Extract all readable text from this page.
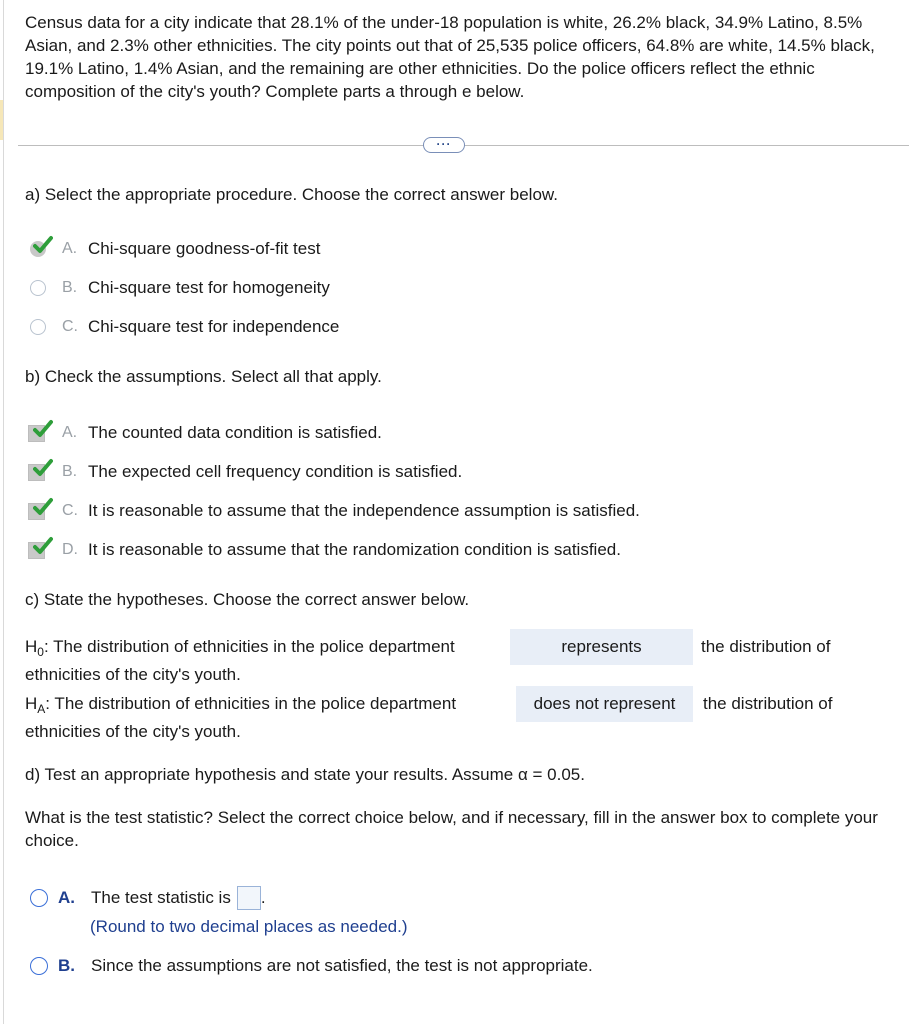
Census data for a city indicate that 28.1% of the under-18 population is white, 26.2% black, 34.9% Latino, 8.5% Asian, and 2.3% other ethnicities. The city points out that of 25,535 police officers, 64.8% are white, 14.5% black, 19.1% Latino, 1.4% Asian, and the remaining are other ethnicities. Do the police officers reflect the ethnic composition of the city's youth? Complete parts a through e below.
···
a) Select the appropriate procedure. Choose the correct answer below.
A. Chi-square goodness-of-fit test
B. Chi-square test for homogeneity
C. Chi-square test for independence
b) Check the assumptions. Select all that apply.
A. The counted data condition is satisfied.
B. The expected cell frequency condition is satisfied.
C. It is reasonable to assume that the independence assumption is satisfied.
D. It is reasonable to assume that the randomization condition is satisfied.
c) State the hypotheses. Choose the correct answer below.
$H_0$: The distribution of ethnicities in the police department	represents	the distribution of
ethnicities of the city's youth.
$H_A$: The distribution of ethnicities in the police department	does not represent	the distribution of
ethnicities of the city's youth.
d) Test an appropriate hypothesis and state your results. Assume α = 0.05.
What is the test statistic? Select the correct choice below, and if necessary, fill in the answer box to complete your choice.
A. The test statistic is .
(Round to two decimal places as needed.)
B. Since the assumptions are not satisfied, the test is not appropriate.
